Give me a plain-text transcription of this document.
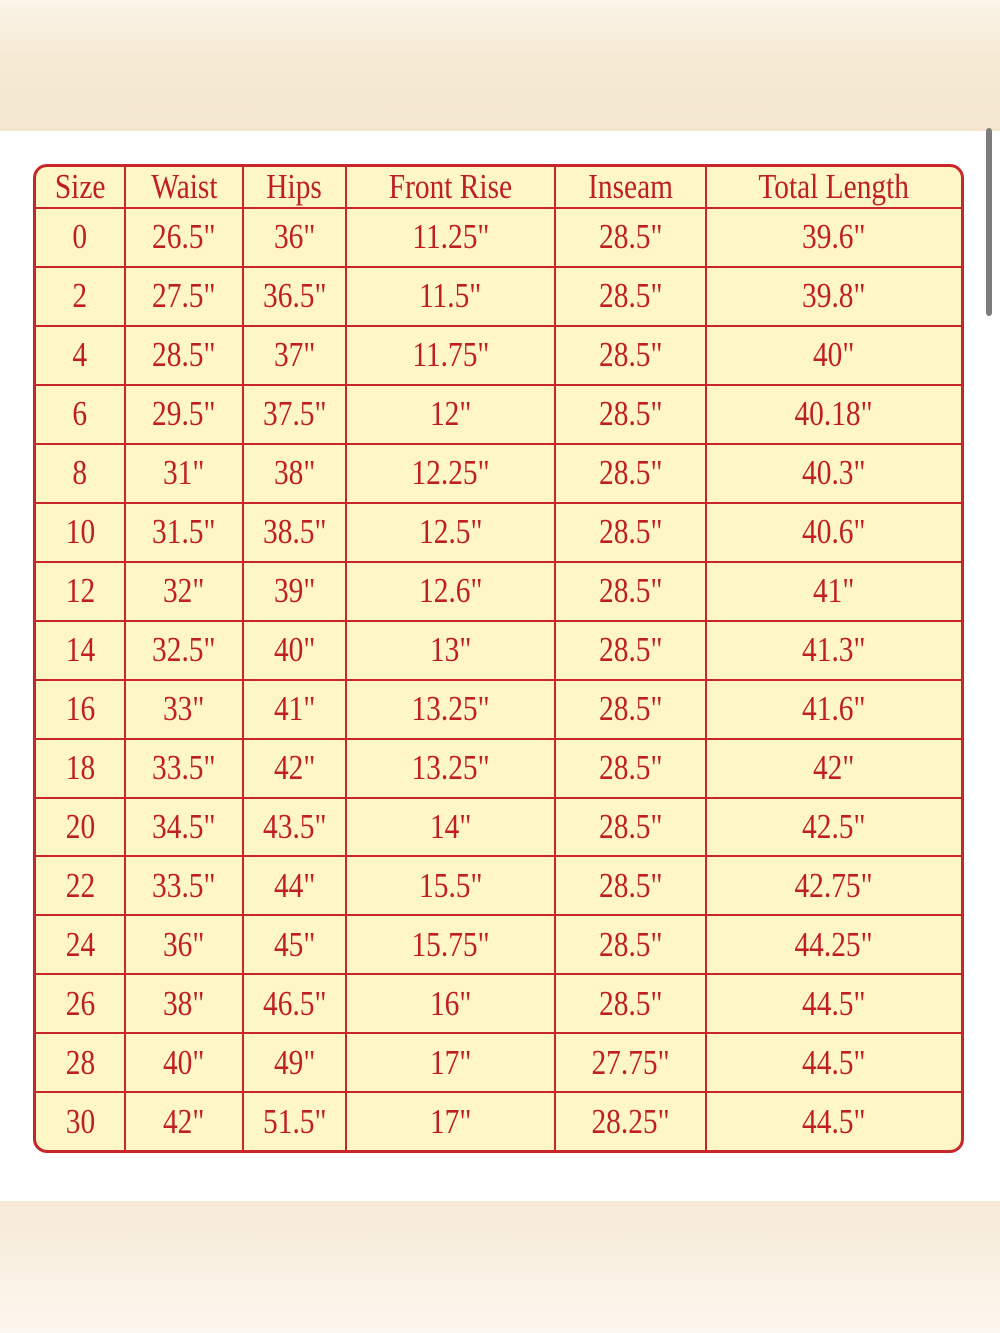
Size	Waist	Hips	Front Rise	Inseam	Total Length
0	26.5"	36"	11.25"	28.5"	39.6"
2	27.5"	36.5"	11.5"	28.5"	39.8"
4	28.5"	37"	11.75"	28.5"	40"
6	29.5"	37.5"	12"	28.5"	40.18"
8	31"	38"	12.25"	28.5"	40.3"
10	31.5"	38.5"	12.5"	28.5"	40.6"
12	32"	39"	12.6"	28.5"	41"
14	32.5"	40"	13"	28.5"	41.3"
16	33"	41"	13.25"	28.5"	41.6"
18	33.5"	42"	13.25"	28.5"	42"
20	34.5"	43.5"	14"	28.5"	42.5"
22	33.5"	44"	15.5"	28.5"	42.75"
24	36"	45"	15.75"	28.5"	44.25"
26	38"	46.5"	16"	28.5"	44.5"
28	40"	49"	17"	27.75"	44.5"
30	42"	51.5"	17"	28.25"	44.5"
